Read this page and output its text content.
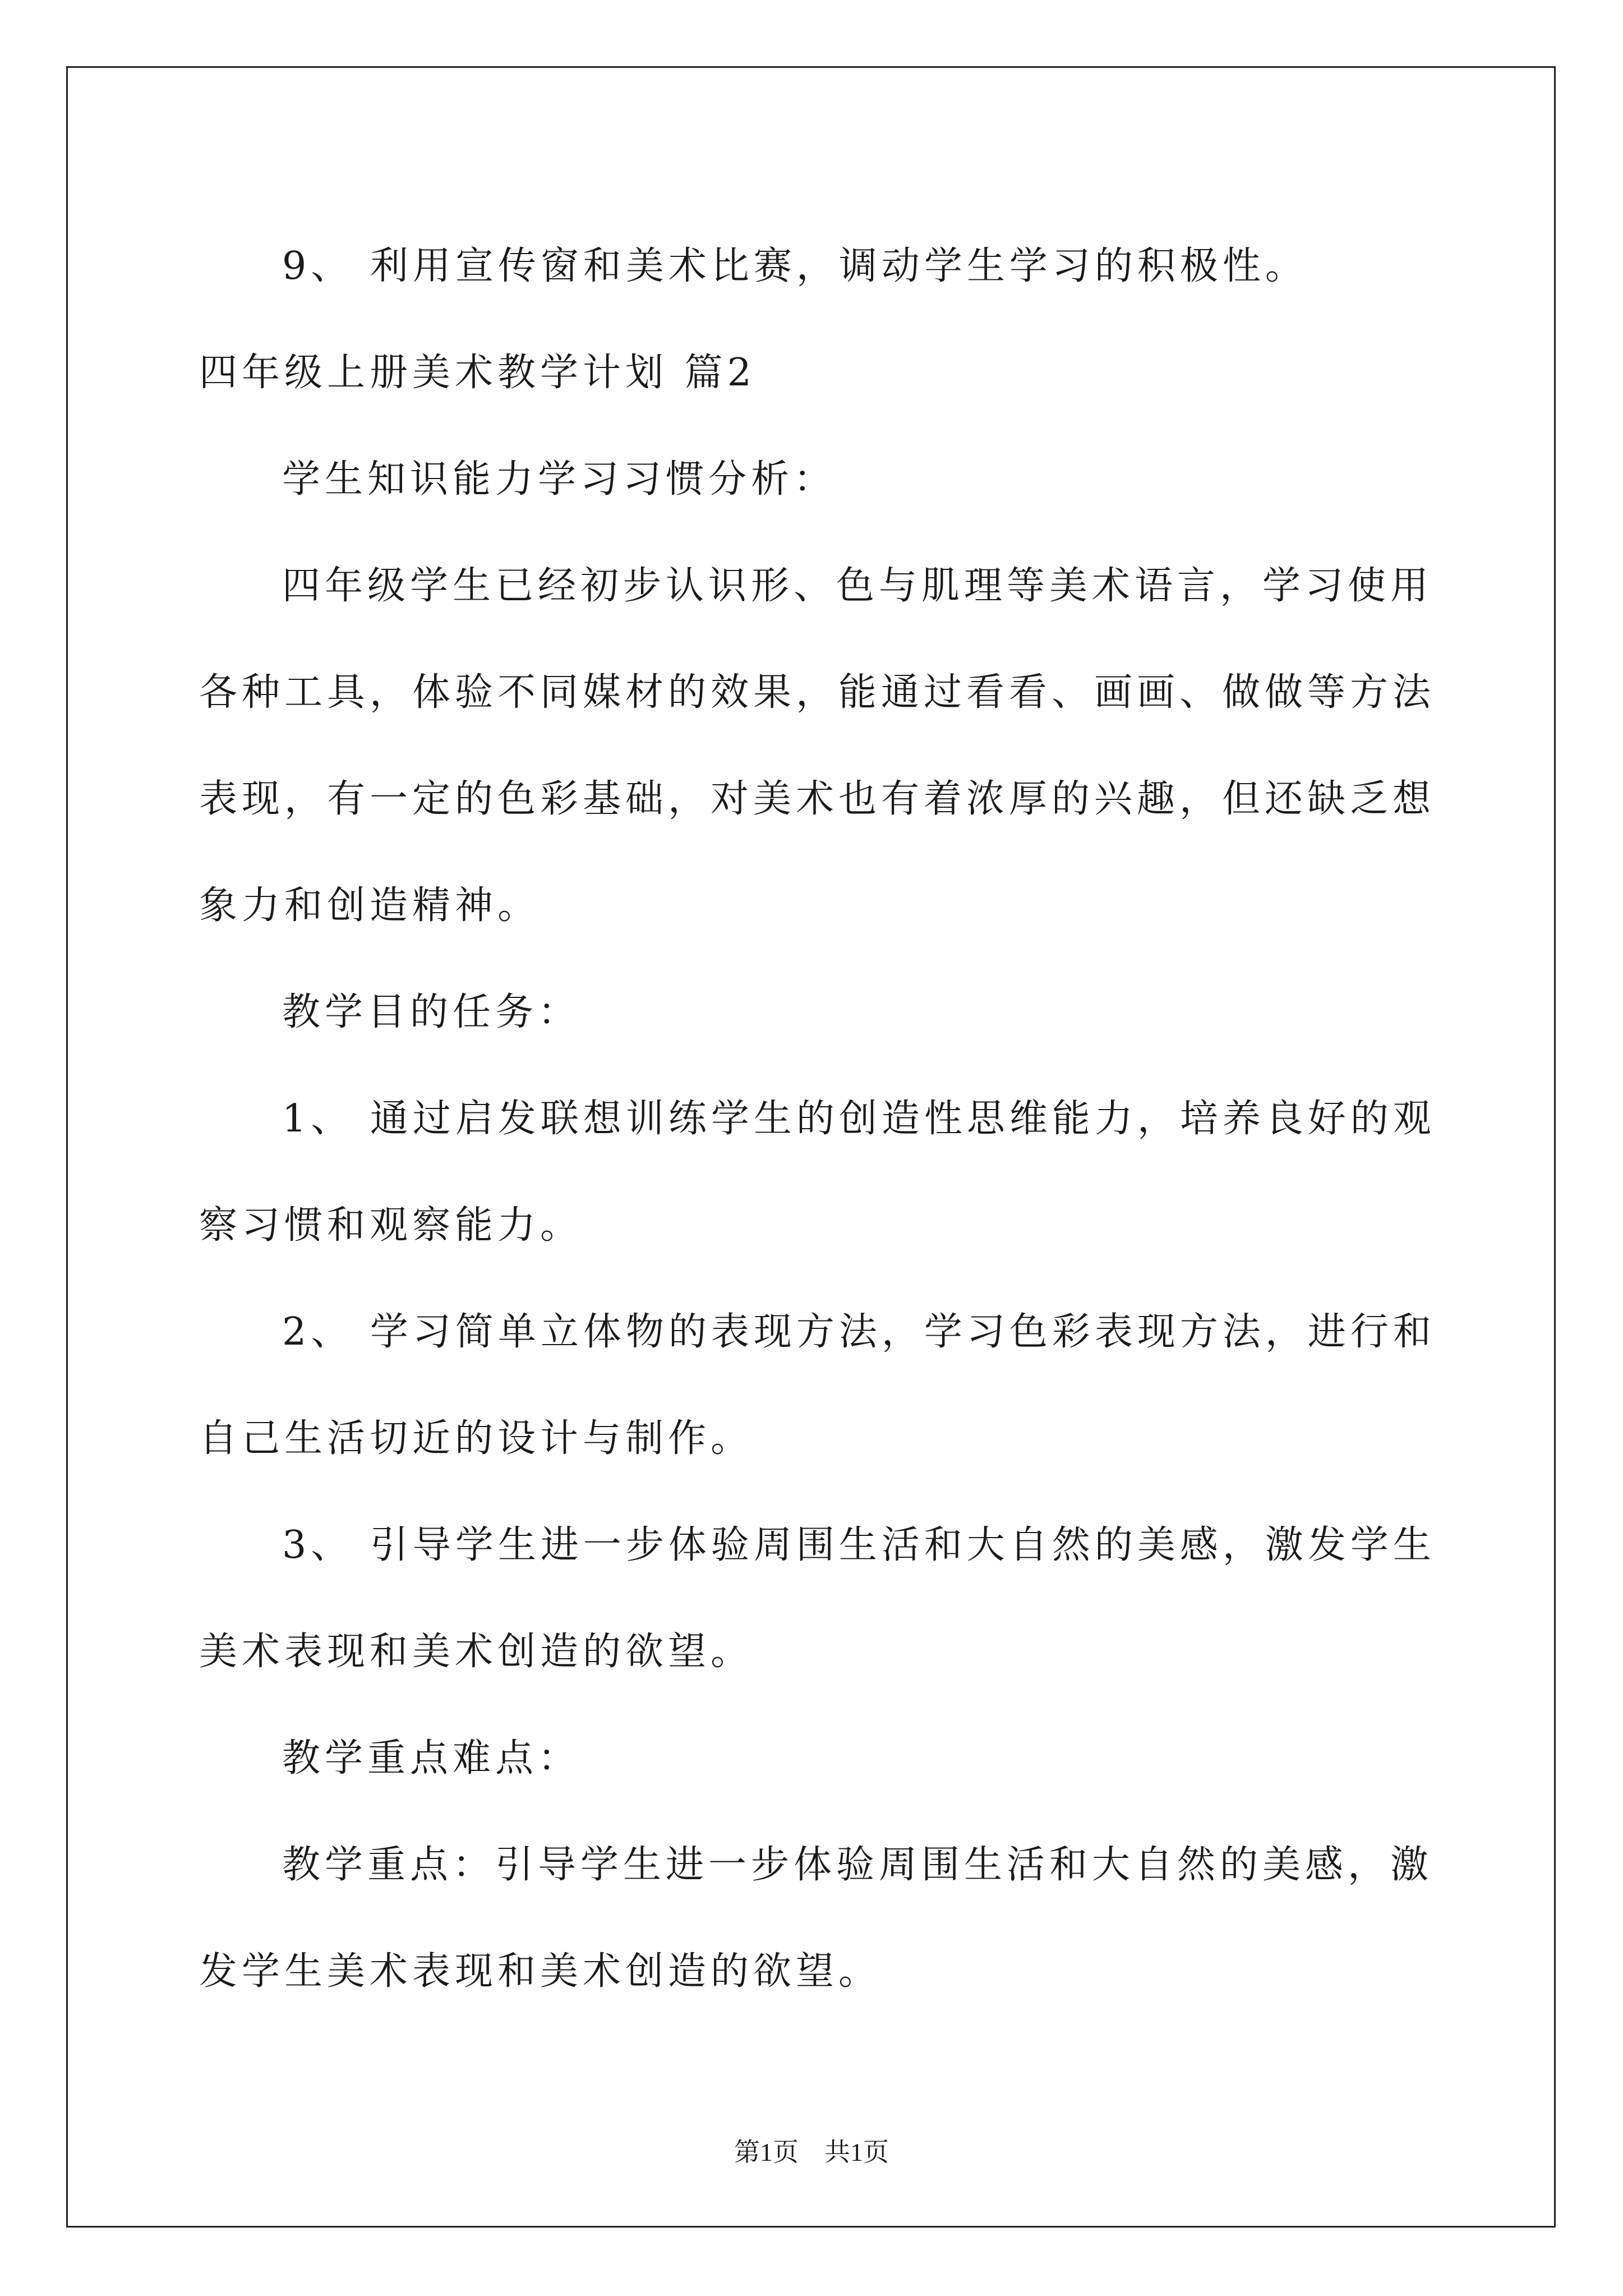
9、 利用宣传窗和美术比赛，调动学生学习的积极性。

四年级上册美术教学计划 篇2

学生知识能力学习习惯分析：

四年级学生已经初步认识形、色与肌理等美术语言，学习使用各种工具，体验不同媒材的效果，能通过看看、画画、做做等方法表现，有一定的色彩基础，对美术也有着浓厚的兴趣，但还缺乏想象力和创造精神。

教学目的任务：

1、 通过启发联想训练学生的创造性思维能力，培养良好的观察习惯和观察能力。

2、 学习简单立体物的表现方法，学习色彩表现方法，进行和自己生活切近的设计与制作。

3、 引导学生进一步体验周围生活和大自然的美感，激发学生美术表现和美术创造的欲望。

教学重点难点：

教学重点：引导学生进一步体验周围生活和大自然的美感，激发学生美术表现和美术创造的欲望。

第1页　共1页
